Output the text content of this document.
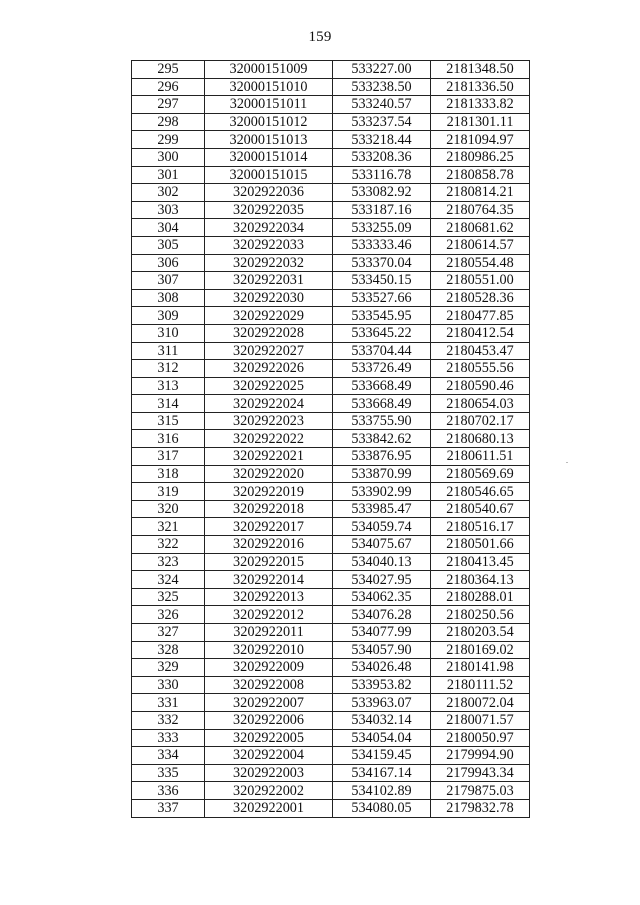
159
295	32000151009	533227.00	2181348.50
296	32000151010	533238.50	2181336.50
297	32000151011	533240.57	2181333.82
298	32000151012	533237.54	2181301.11
299	32000151013	533218.44	2181094.97
300	32000151014	533208.36	2180986.25
301	32000151015	533116.78	2180858.78
302	3202922036	533082.92	2180814.21
303	3202922035	533187.16	2180764.35
304	3202922034	533255.09	2180681.62
305	3202922033	533333.46	2180614.57
306	3202922032	533370.04	2180554.48
307	3202922031	533450.15	2180551.00
308	3202922030	533527.66	2180528.36
309	3202922029	533545.95	2180477.85
310	3202922028	533645.22	2180412.54
311	3202922027	533704.44	2180453.47
312	3202922026	533726.49	2180555.56
313	3202922025	533668.49	2180590.46
314	3202922024	533668.49	2180654.03
315	3202922023	533755.90	2180702.17
316	3202922022	533842.62	2180680.13
317	3202922021	533876.95	2180611.51
318	3202922020	533870.99	2180569.69
319	3202922019	533902.99	2180546.65
320	3202922018	533985.47	2180540.67
321	3202922017	534059.74	2180516.17
322	3202922016	534075.67	2180501.66
323	3202922015	534040.13	2180413.45
324	3202922014	534027.95	2180364.13
325	3202922013	534062.35	2180288.01
326	3202922012	534076.28	2180250.56
327	3202922011	534077.99	2180203.54
328	3202922010	534057.90	2180169.02
329	3202922009	534026.48	2180141.98
330	3202922008	533953.82	2180111.52
331	3202922007	533963.07	2180072.04
332	3202922006	534032.14	2180071.57
333	3202922005	534054.04	2180050.97
334	3202922004	534159.45	2179994.90
335	3202922003	534167.14	2179943.34
336	3202922002	534102.89	2179875.03
337	3202922001	534080.05	2179832.78
